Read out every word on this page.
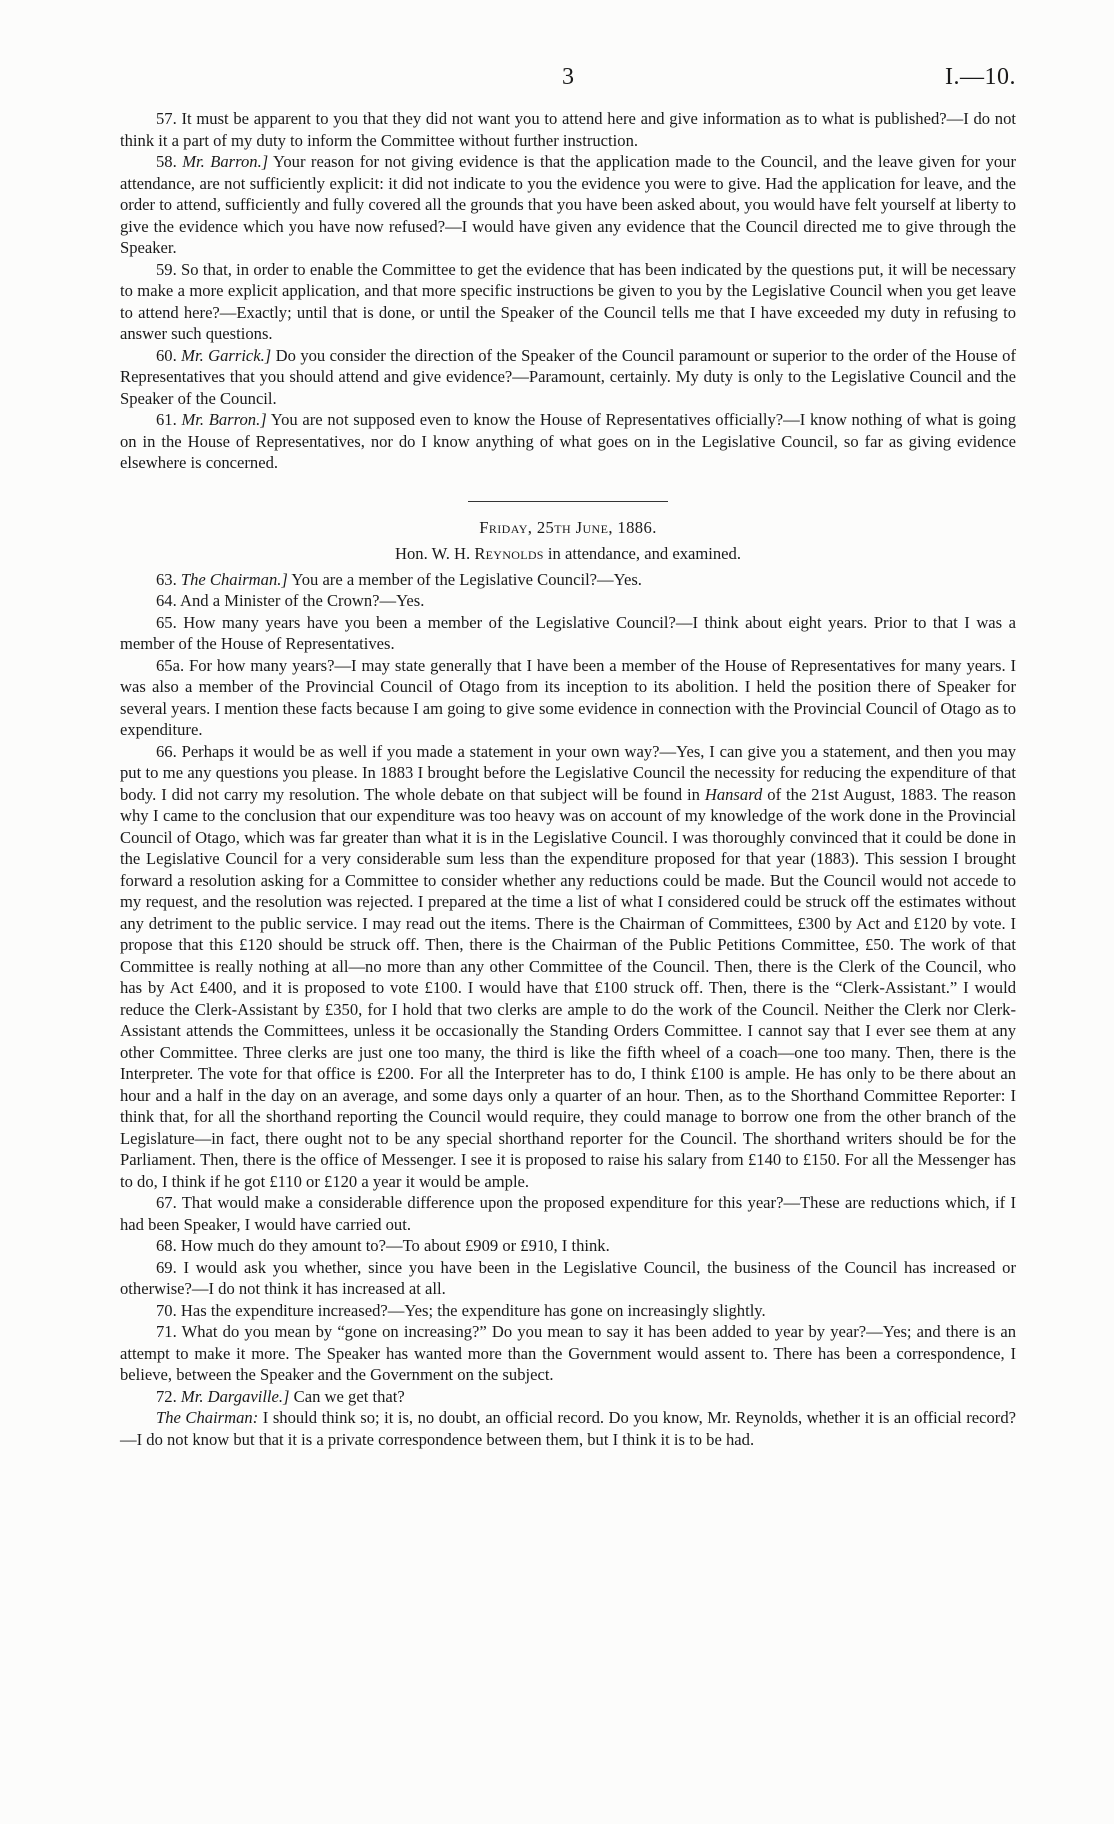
3	I.—10.

57. It must be apparent to you that they did not want you to attend here and give information as to what is published?—I do not think it a part of my duty to inform the Committee without further instruction.

58. Mr. Barron.] Your reason for not giving evidence is that the application made to the Council, and the leave given for your attendance, are not sufficiently explicit: it did not indicate to you the evidence you were to give. Had the application for leave, and the order to attend, sufficiently and fully covered all the grounds that you have been asked about, you would have felt yourself at liberty to give the evidence which you have now refused?—I would have given any evidence that the Council directed me to give through the Speaker.

59. So that, in order to enable the Committee to get the evidence that has been indicated by the questions put, it will be necessary to make a more explicit application, and that more specific instructions be given to you by the Legislative Council when you get leave to attend here?—Exactly; until that is done, or until the Speaker of the Council tells me that I have exceeded my duty in refusing to answer such questions.

60. Mr. Garrick.] Do you consider the direction of the Speaker of the Council paramount or superior to the order of the House of Representatives that you should attend and give evidence?—Paramount, certainly. My duty is only to the Legislative Council and the Speaker of the Council.

61. Mr. Barron.] You are not supposed even to know the House of Representatives officially?—I know nothing of what is going on in the House of Representatives, nor do I know anything of what goes on in the Legislative Council, so far as giving evidence elsewhere is concerned.

Friday, 25th June, 1886.

Hon. W. H. Reynolds in attendance, and examined.

63. The Chairman.] You are a member of the Legislative Council?—Yes.

64. And a Minister of the Crown?—Yes.

65. How many years have you been a member of the Legislative Council?—I think about eight years. Prior to that I was a member of the House of Representatives.

65a. For how many years?—I may state generally that I have been a member of the House of Representatives for many years. I was also a member of the Provincial Council of Otago from its inception to its abolition. I held the position there of Speaker for several years. I mention these facts because I am going to give some evidence in connection with the Provincial Council of Otago as to expenditure.

66. Perhaps it would be as well if you made a statement in your own way?—Yes, I can give you a statement, and then you may put to me any questions you please. In 1883 I brought before the Legislative Council the necessity for reducing the expenditure of that body. I did not carry my resolution. The whole debate on that subject will be found in Hansard of the 21st August, 1883. The reason why I came to the conclusion that our expenditure was too heavy was on account of my knowledge of the work done in the Provincial Council of Otago, which was far greater than what it is in the Legislative Council. I was thoroughly convinced that it could be done in the Legislative Council for a very considerable sum less than the expenditure proposed for that year (1883). This session I brought forward a resolution asking for a Committee to consider whether any reductions could be made. But the Council would not accede to my request, and the resolution was rejected. I prepared at the time a list of what I considered could be struck off the estimates without any detriment to the public service. I may read out the items. There is the Chairman of Committees, £300 by Act and £120 by vote. I propose that this £120 should be struck off. Then, there is the Chairman of the Public Petitions Committee, £50. The work of that Committee is really nothing at all—no more than any other Committee of the Council. Then, there is the Clerk of the Council, who has by Act £400, and it is proposed to vote £100. I would have that £100 struck off. Then, there is the “Clerk-Assistant.” I would reduce the Clerk-Assistant by £350, for I hold that two clerks are ample to do the work of the Council. Neither the Clerk nor Clerk-Assistant attends the Committees, unless it be occasionally the Standing Orders Committee. I cannot say that I ever see them at any other Committee. Three clerks are just one too many, the third is like the fifth wheel of a coach—one too many. Then, there is the Interpreter. The vote for that office is £200. For all the Interpreter has to do, I think £100 is ample. He has only to be there about an hour and a half in the day on an average, and some days only a quarter of an hour. Then, as to the Shorthand Committee Reporter: I think that, for all the shorthand reporting the Council would require, they could manage to borrow one from the other branch of the Legislature—in fact, there ought not to be any special shorthand reporter for the Council. The shorthand writers should be for the Parliament. Then, there is the office of Messenger. I see it is proposed to raise his salary from £140 to £150. For all the Messenger has to do, I think if he got £110 or £120 a year it would be ample.

67. That would make a considerable difference upon the proposed expenditure for this year?—These are reductions which, if I had been Speaker, I would have carried out.

68. How much do they amount to?—To about £909 or £910, I think.

69. I would ask you whether, since you have been in the Legislative Council, the business of the Council has increased or otherwise?—I do not think it has increased at all.

70. Has the expenditure increased?—Yes; the expenditure has gone on increasingly slightly.

71. What do you mean by “gone on increasing?” Do you mean to say it has been added to year by year?—Yes; and there is an attempt to make it more. The Speaker has wanted more than the Government would assent to. There has been a correspondence, I believe, between the Speaker and the Government on the subject.

72. Mr. Dargaville.] Can we get that?

The Chairman: I should think so; it is, no doubt, an official record. Do you know, Mr. Reynolds, whether it is an official record?—I do not know but that it is a private correspondence between them, but I think it is to be had.
